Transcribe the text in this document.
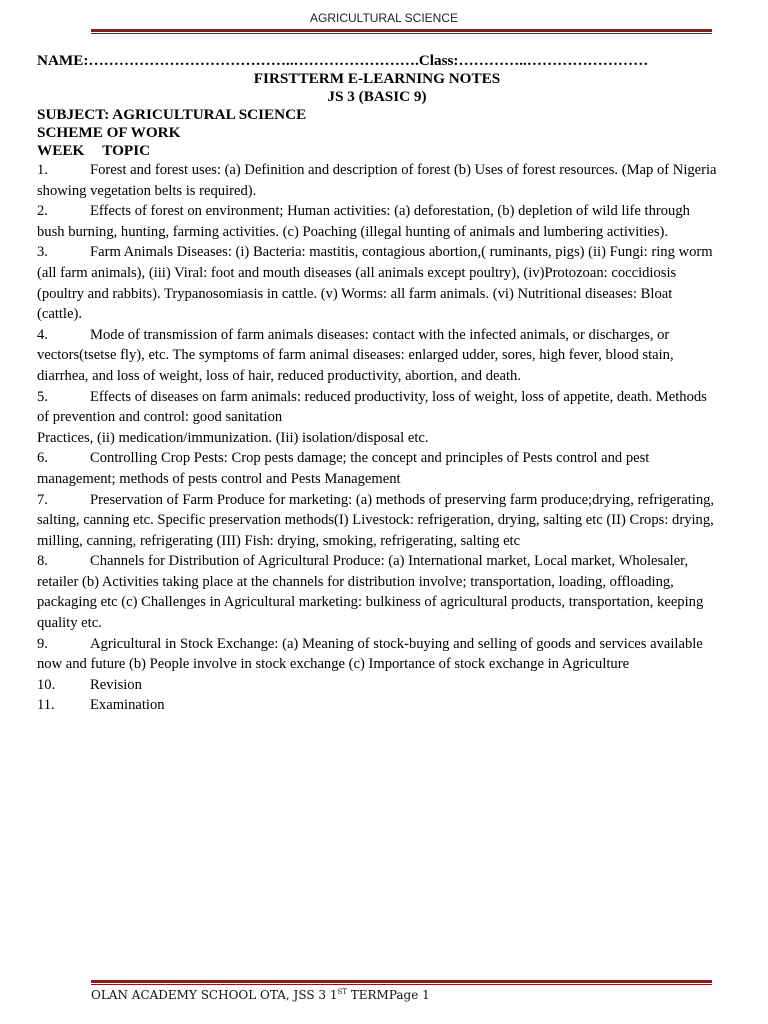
AGRICULTURAL SCIENCE
NAME:…………………………………..…………………….Class:…………..……………………
FIRSTTERM E-LEARNING NOTES
JS 3 (BASIC 9)
SUBJECT: AGRICULTURAL SCIENCE
SCHEME OF WORK
WEEK TOPIC
1.	Forest and forest uses: (a) Definition and description of forest (b) Uses of forest resources. (Map of Nigeria showing vegetation belts is required).
2.	Effects of forest on environment; Human activities: (a) deforestation, (b) depletion of wild life through bush burning, hunting, farming activities. (c) Poaching (illegal hunting of animals and lumbering activities).
3.	Farm Animals Diseases: (i) Bacteria: mastitis, contagious abortion,( ruminants, pigs) (ii) Fungi: ring worm (all farm animals), (iii) Viral: foot and mouth diseases (all animals except poultry), (iv)Protozoan: coccidiosis (poultry and rabbits). Trypanosomiasis in cattle. (v) Worms: all farm animals. (vi) Nutritional diseases: Bloat (cattle).
4.	Mode of transmission of farm animals diseases: contact with the infected animals, or discharges, or vectors(tsetse fly), etc. The symptoms of farm animal diseases: enlarged udder, sores, high fever, blood stain, diarrhea, and loss of weight, loss of hair, reduced productivity, abortion, and death.
5.	Effects of diseases on farm animals: reduced productivity, loss of weight, loss of appetite, death. Methods of prevention and control: good sanitation
Practices, (ii) medication/immunization. (Iii) isolation/disposal etc.
6.	Controlling Crop Pests: Crop pests damage; the concept and principles of Pests control and pest management; methods of pests control and Pests Management
7.	Preservation of Farm Produce for marketing: (a) methods of preserving farm produce;drying, refrigerating, salting, canning etc. Specific preservation methods(I) Livestock: refrigeration, drying, salting etc (II) Crops: drying, milling, canning, refrigerating (III) Fish: drying, smoking, refrigerating, salting etc
8.	Channels for Distribution of Agricultural Produce: (a) International market, Local market, Wholesaler, retailer (b) Activities taking place at the channels for distribution involve; transportation, loading, offloading, packaging etc (c) Challenges in Agricultural marketing: bulkiness of agricultural products, transportation, keeping quality etc.
9.	Agricultural in Stock Exchange: (a) Meaning of stock-buying and selling of goods and services available now and future (b) People involve in stock exchange (c) Importance of stock exchange in Agriculture
10. Revision
11. Examination
OLAN ACADEMY SCHOOL OTA, JSS 3 1ST TERMPage 1
